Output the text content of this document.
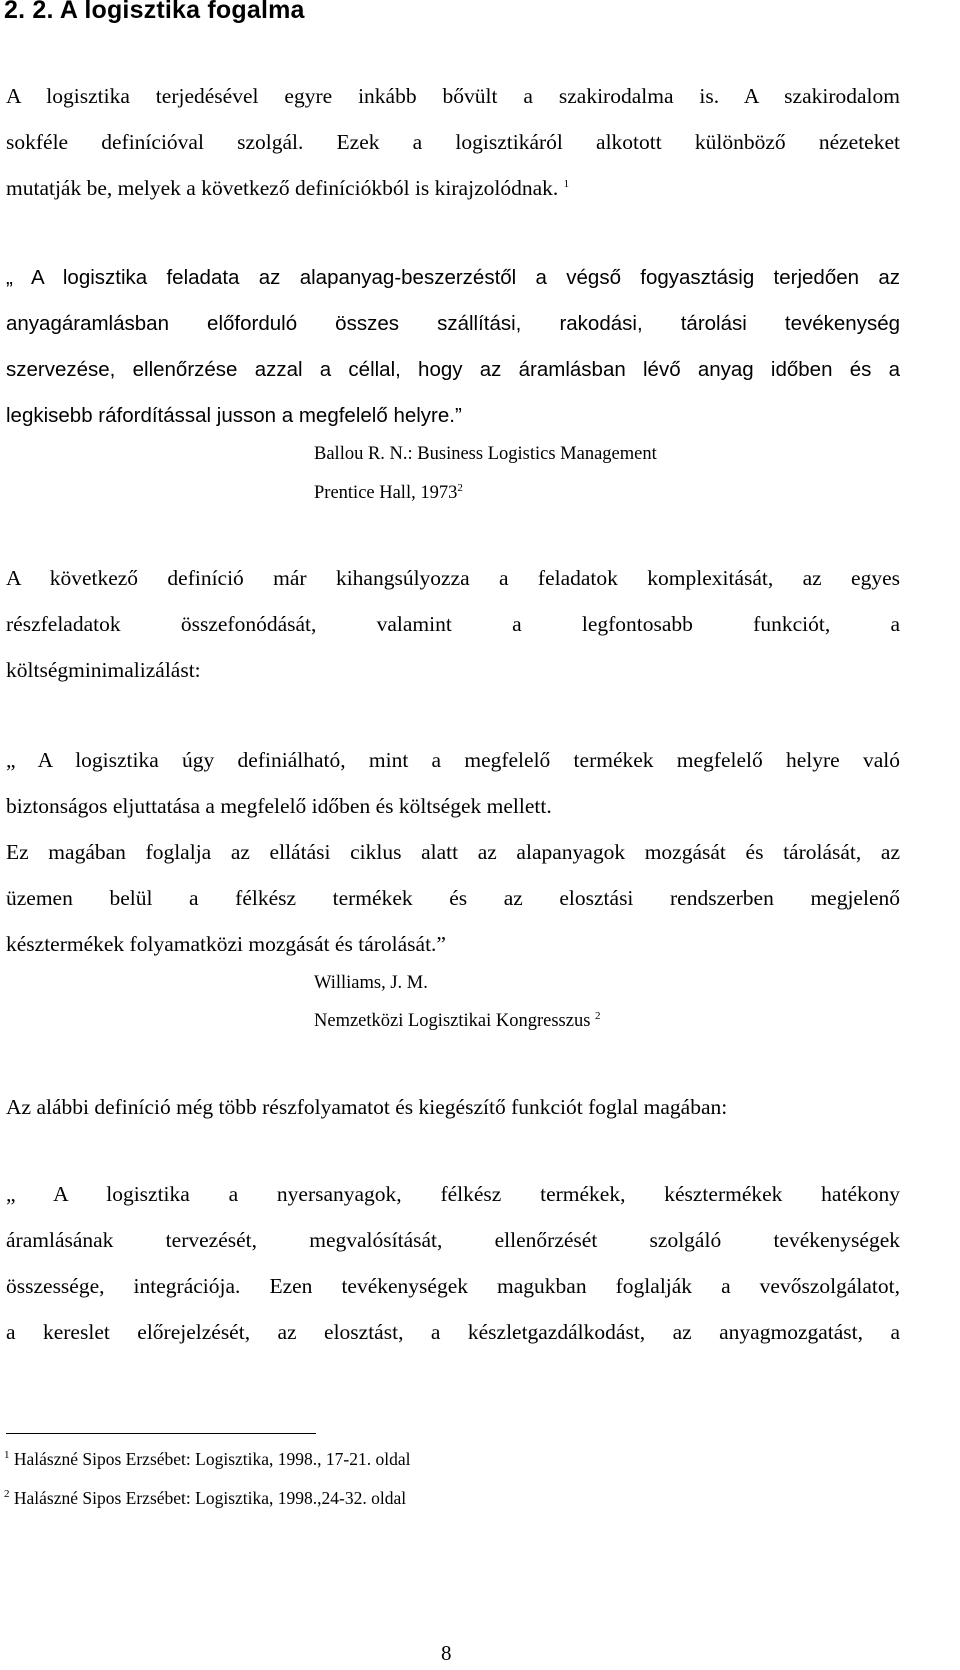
2. 2. A logisztika fogalma
A logisztika terjedésével egyre inkább bővült a szakirodalma is. A szakirodalom
sokféle definícióval szolgál. Ezek a logisztikáról alkotott különböző nézeteket
mutatják be, melyek a következő definíciókból is kirajzolódnak. $^1$
„ A logisztika feladata az alapanyag-beszerzéstől a végső fogyasztásig terjedően az
anyagáramlásban előforduló összes szállítási, rakodási, tárolási tevékenység
szervezése, ellenőrzése azzal a céllal, hogy az áramlásban lévő anyag időben és a
legkisebb ráfordítással jusson a megfelelő helyre.”
Ballou R. N.: Business Logistics Management
Prentice Hall, 1973$^2$
A következő definíció már kihangsúlyozza a feladatok komplexitását, az egyes
részfeladatok összefonódását, valamint a legfontosabb funkciót, a
költségminimalizálást:
„ A logisztika úgy definiálható, mint a megfelelő termékek megfelelő helyre való
biztonságos eljuttatása a megfelelő időben és költségek mellett.
Ez magában foglalja az ellátási ciklus alatt az alapanyagok mozgását és tárolását, az
üzemen belül a félkész termékek és az elosztási rendszerben megjelenő
késztermékek folyamatközi mozgását és tárolását.”
Williams, J. M.
Nemzetközi Logisztikai Kongresszus $^2$
Az alábbi definíció még több részfolyamatot és kiegészítő funkciót foglal magában:
„ A logisztika a nyersanyagok, félkész termékek, késztermékek hatékony
áramlásának tervezését, megvalósítását, ellenőrzését szolgáló tevékenységek
összessége, integrációja. Ezen tevékenységek magukban foglalják a vevőszolgálatot,
a kereslet előrejelzését, az elosztást, a készletgazdálkodást, az anyagmozgatást, a
$^1$ Halászné Sipos Erzsébet: Logisztika, 1998., 17-21. oldal
$^2$ Halászné Sipos Erzsébet: Logisztika, 1998.,24-32. oldal
8
